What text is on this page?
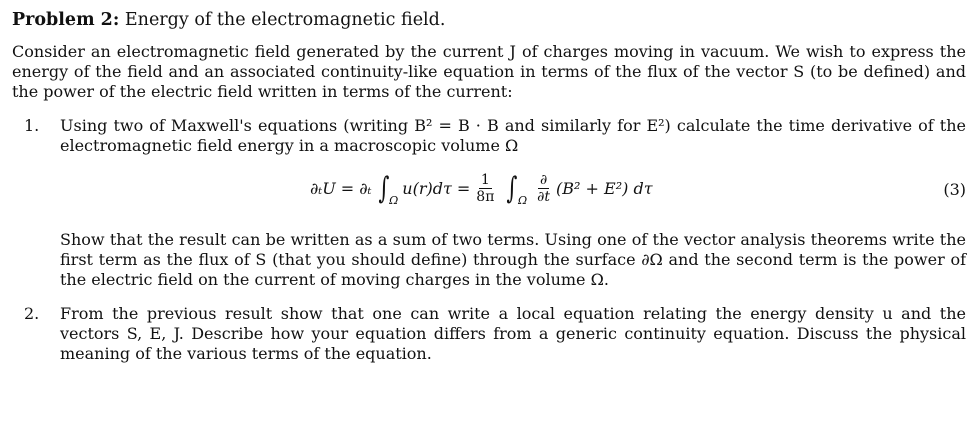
Problem 2: Energy of the electromagnetic field.

Consider an electromagnetic field generated by the current J of charges moving in vacuum. We wish to express the energy of the field and an associated continuity-like equation in terms of the flux of the vector S (to be defined) and the power of the electric field written in terms of the current:

1. Using two of Maxwell's equations (writing B² = B · B and similarly for E²) calculate the time derivative of the electromagnetic field energy in a macroscopic volume Ω

∂ₜU = ∂ₜ ∫ Ω
$u(r)d\tau = \frac{1}{8\pi}$ ∫ Ω $\frac{\partial}{\partial t} (B^2 + E^2)$ dτ	(3)

Show that the result can be written as a sum of two terms. Using one of the vector analysis theorems write the first term as the flux of S (that you should define) through the surface ∂Ω and the second term is the power of the electric field on the current of moving charges in the volume Ω.

2. From the previous result show that one can write a local equation relating the energy density u and the vectors S, E, J. Describe how your equation differs from a generic continuity equation. Discuss the physical meaning of the various terms of the equation.
